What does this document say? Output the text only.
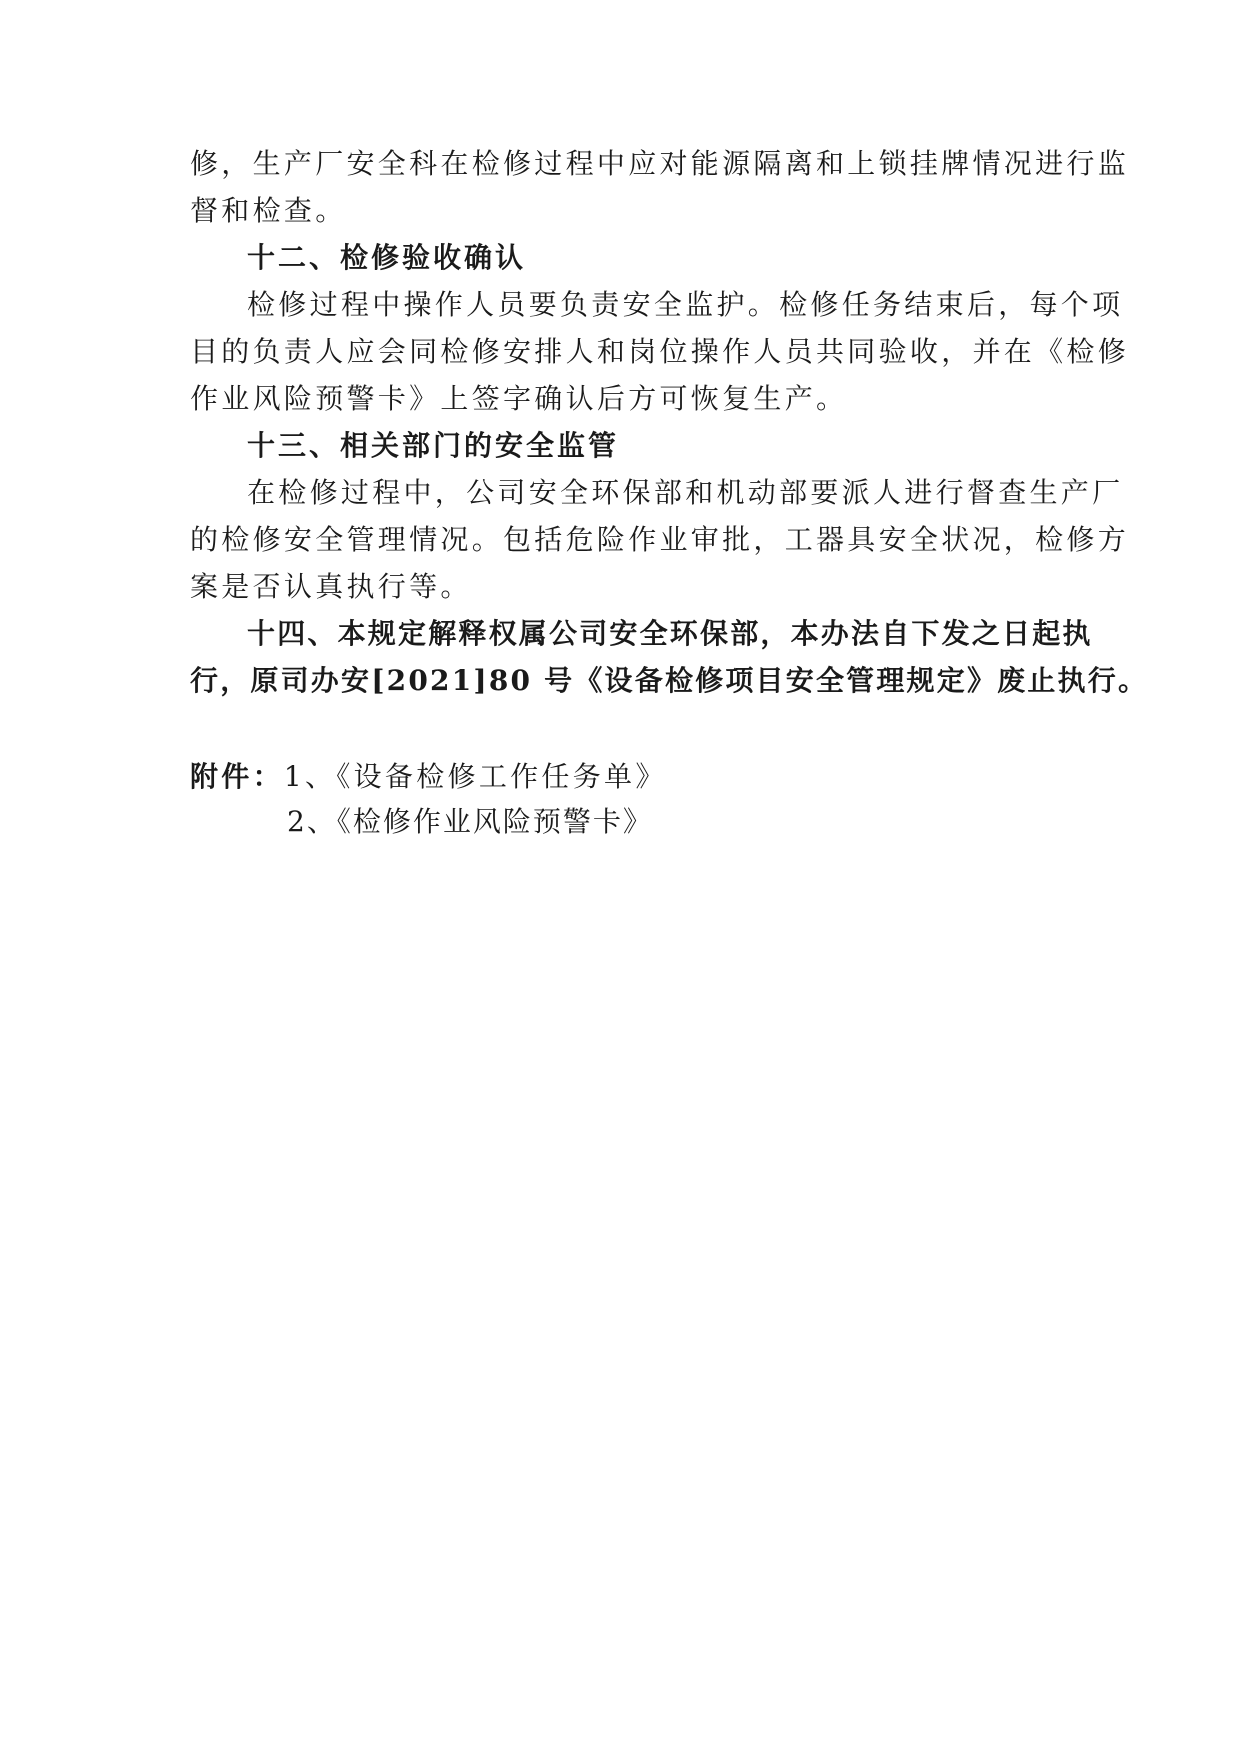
修，生产厂安全科在检修过程中应对能源隔离和上锁挂牌情况进行监
督和检查。
十二、检修验收确认
检修过程中操作人员要负责安全监护。检修任务结束后，每个项
目的负责人应会同检修安排人和岗位操作人员共同验收，并在《检修
作业风险预警卡》上签字确认后方可恢复生产。
十三、相关部门的安全监管
在检修过程中，公司安全环保部和机动部要派人进行督查生产厂
的检修安全管理情况。包括危险作业审批，工器具安全状况，检修方
案是否认真执行等。
十四、本规定解释权属公司安全环保部，本办法自下发之日起执
行，原司办安[2021]80 号《设备检修项目安全管理规定》废止执行。
附件：1、《设备检修工作任务单》
2、《检修作业风险预警卡》
